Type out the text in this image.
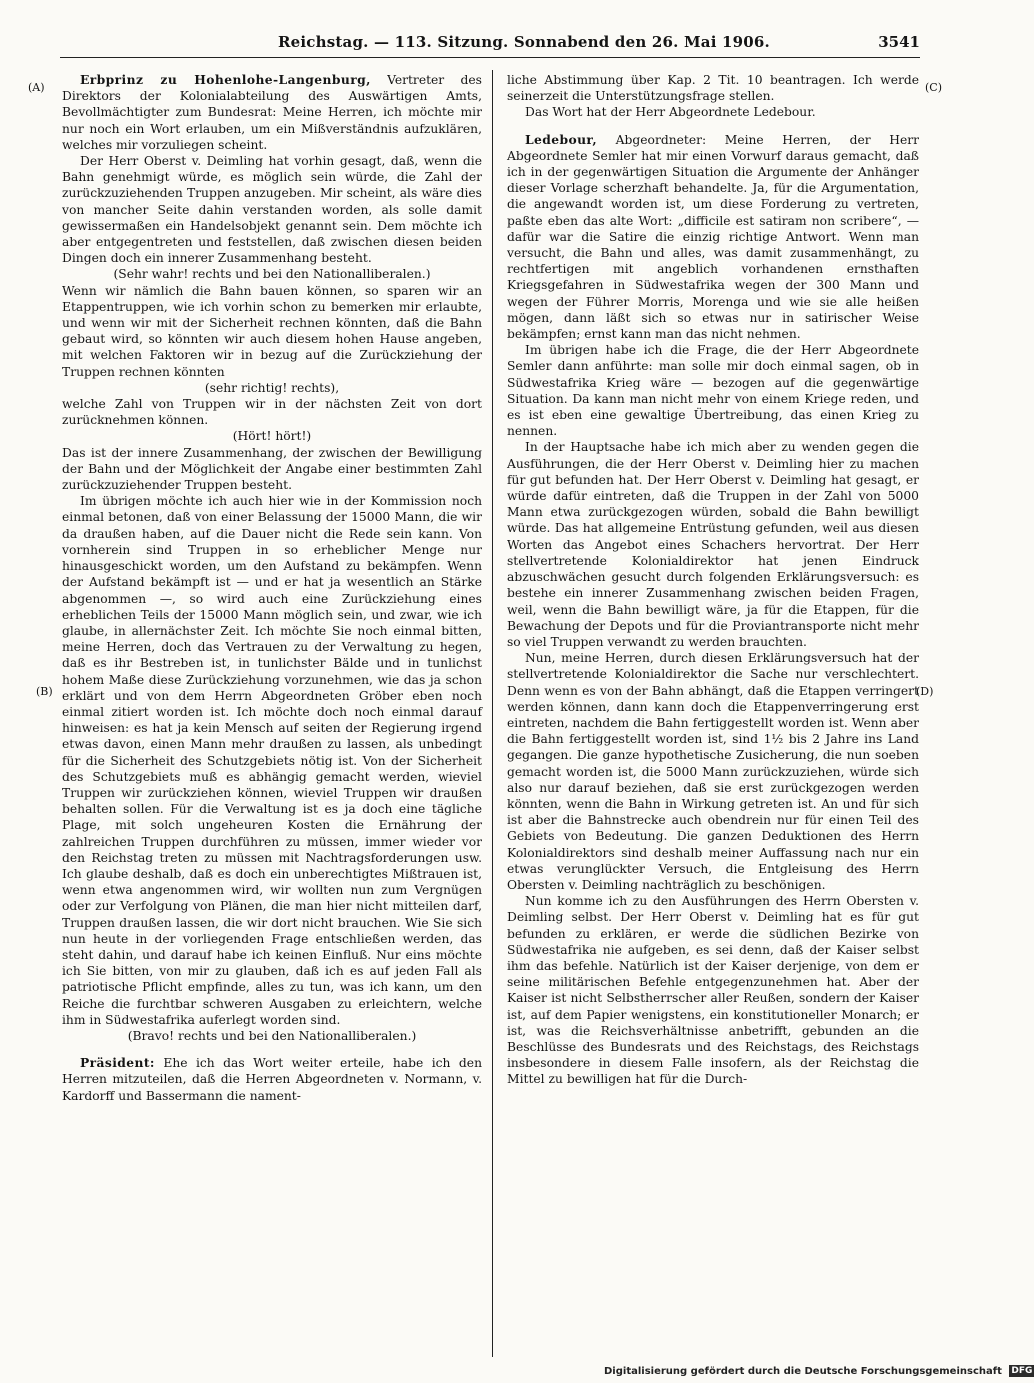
Reichstag. — 113. Sitzung. Sonnabend den 26. Mai 1906.	3541
(A)
(B)
(C)
(D)

Erbprinz zu Hohenlohe-Langenburg, Vertreter des Direktors der Kolonialabteilung des Auswärtigen Amts, Bevollmächtigter zum Bundesrat: Meine Herren, ich möchte mir nur noch ein Wort erlauben, um ein Mißverständnis aufzuklären, welches mir vorzuliegen scheint.

Der Herr Oberst v. Deimling hat vorhin gesagt, daß, wenn die Bahn genehmigt würde, es möglich sein würde, die Zahl der zurückzuziehenden Truppen anzugeben. Mir scheint, als wäre dies von mancher Seite dahin verstanden worden, als solle damit gewissermaßen ein Handelsobjekt genannt sein. Dem möchte ich aber entgegentreten und feststellen, daß zwischen diesen beiden Dingen doch ein innerer Zusammenhang besteht.

(Sehr wahr! rechts und bei den Nationalliberalen.)

Wenn wir nämlich die Bahn bauen können, so sparen wir an Etappentruppen, wie ich vorhin schon zu bemerken mir erlaubte, und wenn wir mit der Sicherheit rechnen könnten, daß die Bahn gebaut wird, so könnten wir auch diesem hohen Hause angeben, mit welchen Faktoren wir in bezug auf die Zurückziehung der Truppen rechnen könnten

(sehr richtig! rechts),

welche Zahl von Truppen wir in der nächsten Zeit von dort zurücknehmen können.

(Hört! hört!)

Das ist der innere Zusammenhang, der zwischen der Bewilligung der Bahn und der Möglichkeit der Angabe einer bestimmten Zahl zurückzuziehender Truppen besteht.

Im übrigen möchte ich auch hier wie in der Kommission noch einmal betonen, daß von einer Belassung der 15000 Mann, die wir da draußen haben, auf die Dauer nicht die Rede sein kann. Von vornherein sind Truppen in so erheblicher Menge nur hinausgeschickt worden, um den Aufstand zu bekämpfen. Wenn der Aufstand bekämpft ist — und er hat ja wesentlich an Stärke abgenommen —, so wird auch eine Zurückziehung eines erheblichen Teils der 15000 Mann möglich sein, und zwar, wie ich glaube, in allernächster Zeit. Ich möchte Sie noch einmal bitten, meine Herren, doch das Vertrauen zu der Verwaltung zu hegen, daß es ihr Bestreben ist, in tunlichster Bälde und in tunlichst hohem Maße diese Zurückziehung vorzunehmen, wie das ja schon erklärt und von dem Herrn Abgeordneten Gröber eben noch einmal zitiert worden ist. Ich möchte doch noch einmal darauf hinweisen: es hat ja kein Mensch auf seiten der Regierung irgend etwas davon, einen Mann mehr draußen zu lassen, als unbedingt für die Sicherheit des Schutzgebiets nötig ist. Von der Sicherheit des Schutzgebiets muß es abhängig gemacht werden, wieviel Truppen wir zurückziehen können, wieviel Truppen wir draußen behalten sollen. Für die Verwaltung ist es ja doch eine tägliche Plage, mit solch ungeheuren Kosten die Ernährung der zahlreichen Truppen durchführen zu müssen, immer wieder vor den Reichstag treten zu müssen mit Nachtragsforderungen usw. Ich glaube deshalb, daß es doch ein unberechtigtes Mißtrauen ist, wenn etwa angenommen wird, wir wollten nun zum Vergnügen oder zur Verfolgung von Plänen, die man hier nicht mitteilen darf, Truppen draußen lassen, die wir dort nicht brauchen. Wie Sie sich nun heute in der vorliegenden Frage entschließen werden, das steht dahin, und darauf habe ich keinen Einfluß. Nur eins möchte ich Sie bitten, von mir zu glauben, daß ich es auf jeden Fall als patriotische Pflicht empfinde, alles zu tun, was ich kann, um den Reiche die furchtbar schweren Ausgaben zu erleichtern, welche ihm in Südwestafrika auferlegt worden sind.

(Bravo! rechts und bei den Nationalliberalen.)

Präsident: Ehe ich das Wort weiter erteile, habe ich den Herren mitzuteilen, daß die Herren Abgeordneten v. Normann, v. Kardorff und Bassermann die nament-

liche Abstimmung über Kap. 2 Tit. 10 beantragen. Ich werde seinerzeit die Unterstützungsfrage stellen.

Das Wort hat der Herr Abgeordnete Ledebour.

Ledebour, Abgeordneter: Meine Herren, der Herr Abgeordnete Semler hat mir einen Vorwurf daraus gemacht, daß ich in der gegenwärtigen Situation die Argumente der Anhänger dieser Vorlage scherzhaft behandelte. Ja, für die Argumentation, die angewandt worden ist, um diese Forderung zu vertreten, paßte eben das alte Wort: „difficile est satiram non scribere“, — dafür war die Satire die einzig richtige Antwort. Wenn man versucht, die Bahn und alles, was damit zusammenhängt, zu rechtfertigen mit angeblich vorhandenen ernsthaften Kriegsgefahren in Südwestafrika wegen der 300 Mann und wegen der Führer Morris, Morenga und wie sie alle heißen mögen, dann läßt sich so etwas nur in satirischer Weise bekämpfen; ernst kann man das nicht nehmen.

Im übrigen habe ich die Frage, die der Herr Abgeordnete Semler dann anführte: man solle mir doch einmal sagen, ob in Südwestafrika Krieg wäre — bezogen auf die gegenwärtige Situation. Da kann man nicht mehr von einem Kriege reden, und es ist eben eine gewaltige Übertreibung, das einen Krieg zu nennen.

In der Hauptsache habe ich mich aber zu wenden gegen die Ausführungen, die der Herr Oberst v. Deimling hier zu machen für gut befunden hat. Der Herr Oberst v. Deimling hat gesagt, er würde dafür eintreten, daß die Truppen in der Zahl von 5000 Mann etwa zurückgezogen würden, sobald die Bahn bewilligt würde. Das hat allgemeine Entrüstung gefunden, weil aus diesen Worten das Angebot eines Schachers hervortrat. Der Herr stellvertretende Kolonialdirektor hat jenen Eindruck abzuschwächen gesucht durch folgenden Erklärungsversuch: es bestehe ein innerer Zusammenhang zwischen beiden Fragen, weil, wenn die Bahn bewilligt wäre, ja für die Etappen, für die Bewachung der Depots und für die Proviantransporte nicht mehr so viel Truppen verwandt zu werden brauchten.

Nun, meine Herren, durch diesen Erklärungsversuch hat der stellvertretende Kolonialdirektor die Sache nur verschlechtert. Denn wenn es von der Bahn abhängt, daß die Etappen verringert werden können, dann kann doch die Etappenverringerung erst eintreten, nachdem die Bahn fertiggestellt worden ist. Wenn aber die Bahn fertiggestellt worden ist, sind 1½ bis 2 Jahre ins Land gegangen. Die ganze hypothetische Zusicherung, die nun soeben gemacht worden ist, die 5000 Mann zurückzuziehen, würde sich also nur darauf beziehen, daß sie erst zurückgezogen werden könnten, wenn die Bahn in Wirkung getreten ist. An und für sich ist aber die Bahnstrecke auch obendrein nur für einen Teil des Gebiets von Bedeutung. Die ganzen Deduktionen des Herrn Kolonialdirektors sind deshalb meiner Auffassung nach nur ein etwas verunglückter Versuch, die Entgleisung des Herrn Obersten v. Deimling nachträglich zu beschönigen.

Nun komme ich zu den Ausführungen des Herrn Obersten v. Deimling selbst. Der Herr Oberst v. Deimling hat es für gut befunden zu erklären, er werde die südlichen Bezirke von Südwestafrika nie aufgeben, es sei denn, daß der Kaiser selbst ihm das befehle. Natürlich ist der Kaiser derjenige, von dem er seine militärischen Befehle entgegenzunehmen hat. Aber der Kaiser ist nicht Selbstherrscher aller Reußen, sondern der Kaiser ist, auf dem Papier wenigstens, ein konstitutioneller Monarch; er ist, was die Reichsverhältnisse anbetrifft, gebunden an die Beschlüsse des Bundesrats und des Reichstags, des Reichstags insbesondere in diesem Falle insofern, als der Reichstag die Mittel zu bewilligen hat für die Durch-

Digitalisierung gefördert durch die Deutsche Forschungsgemeinschaft DFG
